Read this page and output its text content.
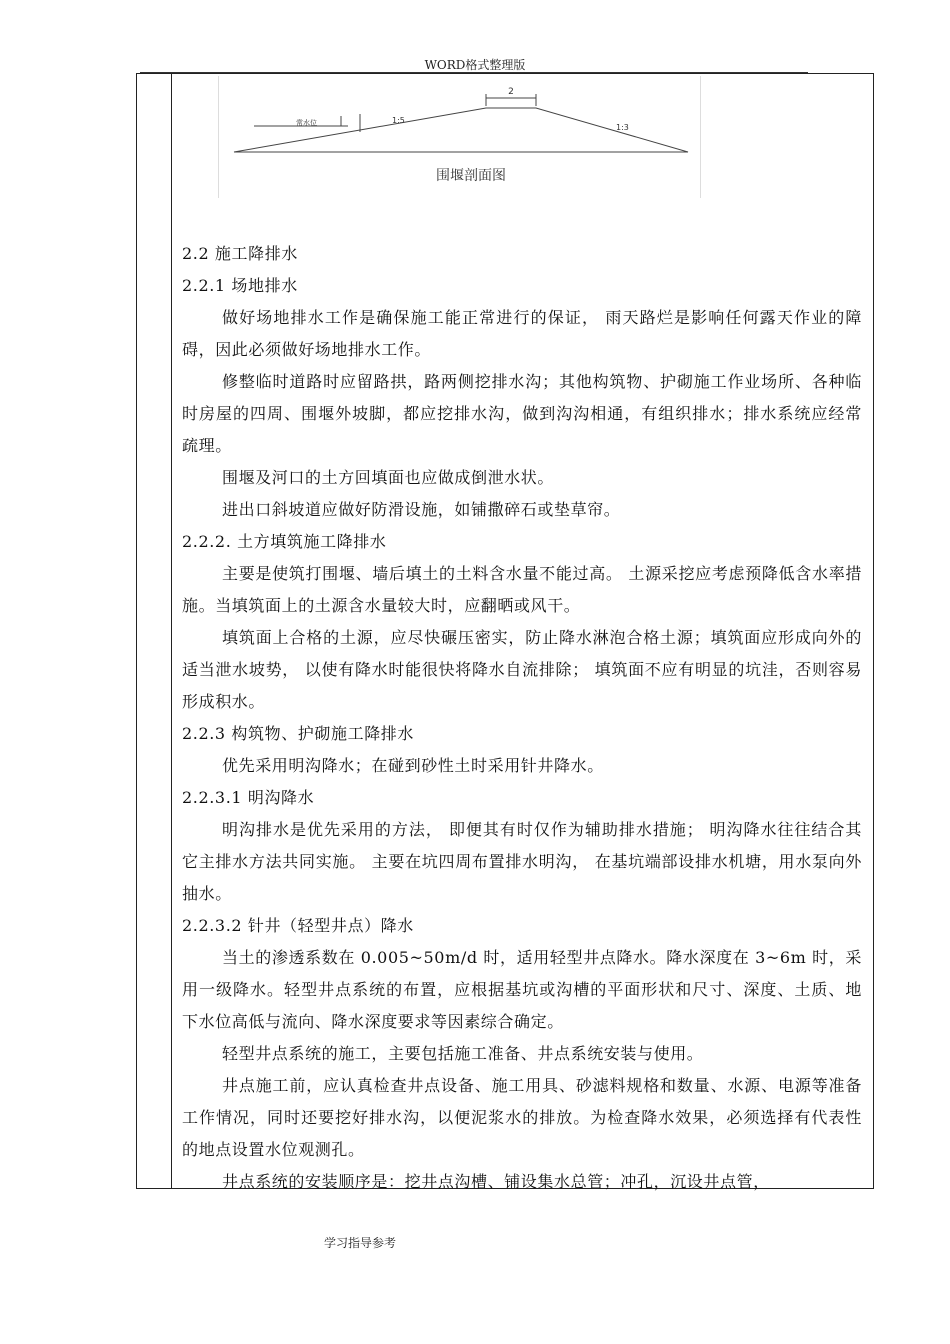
WORD格式整理版
2
1:5
1:3
常水位
围堰剖面图

2.2 施工降排水

2.2.1 场地排水

做好场地排水工作是确保施工能正常进行的保证， 雨天路烂是影响任何露天作业的障碍，因此必须做好场地排水工作。

修整临时道路时应留路拱，路两侧挖排水沟；其他构筑物、护砌施工作业场所、各种临时房屋的四周、围堰外坡脚，都应挖排水沟，做到沟沟相通，有组织排水；排水系统应经常疏理。

围堰及河口的土方回填面也应做成倒泄水状。

进出口斜坡道应做好防滑设施，如铺撒碎石或垫草帘。

2.2.2. 土方填筑施工降排水

主要是使筑打围堰、墙后填土的土料含水量不能过高。 土源采挖应考虑预降低含水率措施。当填筑面上的土源含水量较大时，应翻晒或风干。

填筑面上合格的土源，应尽快碾压密实，防止降水淋泡合格土源；填筑面应形成向外的适当泄水坡势， 以使有降水时能很快将降水自流排除； 填筑面不应有明显的坑洼，否则容易形成积水。

2.2.3 构筑物、护砌施工降排水

优先采用明沟降水；在碰到砂性土时采用针井降水。

2.2.3.1 明沟降水

明沟排水是优先采用的方法， 即便其有时仅作为辅助排水措施； 明沟降水往往结合其它主排水方法共同实施。 主要在坑四周布置排水明沟， 在基坑端部设排水机塘，用水泵向外抽水。

2.2.3.2 针井（轻型井点）降水

当土的渗透系数在 0.005~50m/d 时，适用轻型井点降水。降水深度在 3~6m 时，采用一级降水。轻型井点系统的布置，应根据基坑或沟槽的平面形状和尺寸、深度、土质、地下水位高低与流向、降水深度要求等因素综合确定。

轻型井点系统的施工，主要包括施工准备、井点系统安装与使用。

井点施工前，应认真检查井点设备、施工用具、砂滤料规格和数量、水源、电源等准备工作情况，同时还要挖好排水沟，以便泥浆水的排放。为检查降水效果，必须选择有代表性的地点设置水位观测孔。

井点系统的安装顺序是：挖井点沟槽、铺设集水总管；冲孔，沉设井点管，

学习指导参考
